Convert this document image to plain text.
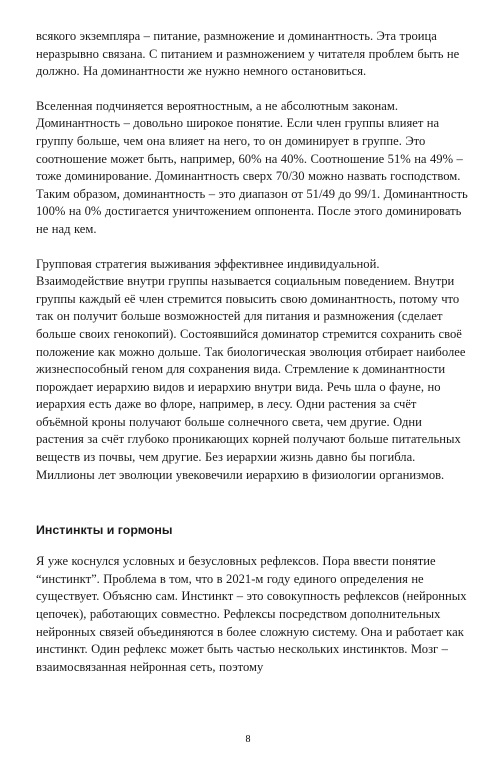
всякого экземпляра – питание, размножение и доминантность. Эта троица неразрывно связана. С питанием и размножением у читателя проблем быть не должно. На доминантности же нужно немного остановиться.

Вселенная подчиняется вероятностным, а не абсолютным законам. Доминантность – довольно широкое понятие. Если член группы влияет на группу больше, чем она влияет на него, то он доминирует в группе. Это соотношение может быть, например, 60% на 40%. Соотношение 51% на 49% – тоже доминирование. Доминантность сверх 70/30 можно назвать господством. Таким образом, доминантность – это диапазон от 51/49 до 99/1. Доминантность 100% на 0% достигается уничтожением оппонента. После этого доминировать не над кем.

Групповая стратегия выживания эффективнее индивидуальной. Взаимодействие внутри группы называется социальным поведением. Внутри группы каждый её член стремится повысить свою доминантность, потому что так он получит больше возможностей для питания и размножения (сделает больше своих генокопий). Состоявшийся доминатор стремится сохранить своё положение как можно дольше. Так биологическая эволюция отбирает наиболее жизнеспособный геном для сохранения вида. Стремление к доминантности порождает иерархию видов и иерархию внутри вида. Речь шла о фауне, но иерархия есть даже во флоре, например, в лесу. Одни растения за счёт объёмной кроны получают больше солнечного света, чем другие. Одни растения за счёт глубоко проникающих корней получают больше питательных веществ из почвы, чем другие. Без иерархии жизнь давно бы погибла. Миллионы лет эволюции увековечили иерархию в физиологии организмов.

Инстинкты и гормоны

Я уже коснулся условных и безусловных рефлексов. Пора ввести понятие “инстинкт”. Проблема в том, что в 2021-м году единого определения не существует. Объясню сам. Инстинкт – это совокупность рефлексов (нейронных цепочек), работающих совместно. Рефлексы посредством дополнительных нейронных связей объединяются в более сложную систему. Она и работает как инстинкт. Один рефлекс может быть частью нескольких инстинктов. Мозг – взаимосвязанная нейронная сеть, поэтому

8
